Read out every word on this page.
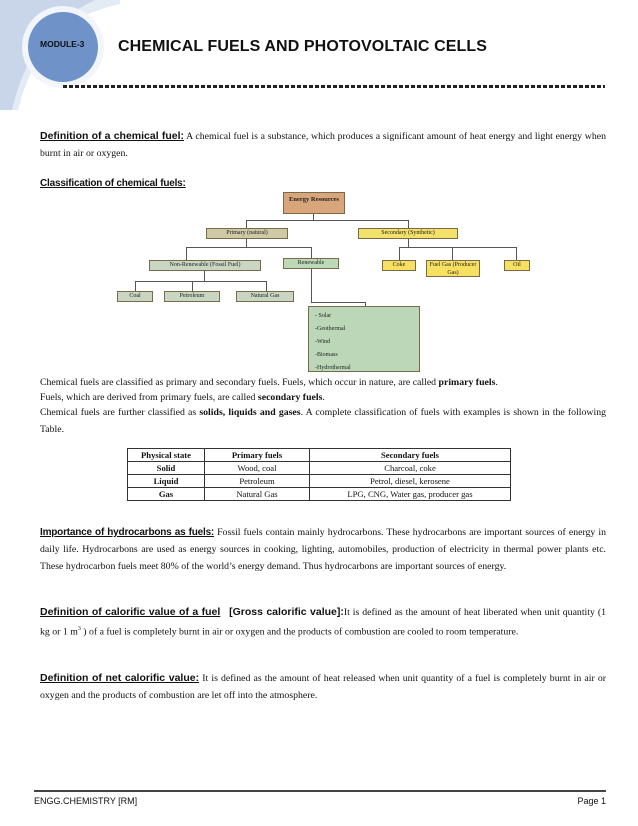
MODULE-3 CHEMICAL FUELS AND PHOTOVOLTAIC CELLS
Definition of a chemical fuel: A chemical fuel is a substance, which produces a significant amount of heat energy and light energy when burnt in air or oxygen.
Classification of chemical fuels:
Energy Resources
Primary (natural)	Secondary (Synthetic)
Non-Renewable (Fossil Fuel)	Renewable	Coke	Fuel Gas (Producer Gas)
Oil
Coal	Petroleum	Natural Gas
- Solar
-Geothermal
-Wind
-Biomass
-Hydrothermal
Chemical fuels are classified as primary and secondary fuels. Fuels, which occur in nature, are called primary fuels.
Fuels, which are derived from primary fuels, are called secondary fuels.
Chemical fuels are further classified as solids, liquids and gases. A complete classification of fuels with examples is shown in the following Table.
Physical state	Primary fuels	Secondary fuels
Solid	Wood, coal	Charcoal, coke
Liquid	Petroleum	Petrol, diesel, kerosene
Gas	Natural Gas	LPG, CNG, Water gas, producer gas
Importance of hydrocarbons as fuels: Fossil fuels contain mainly hydrocarbons. These hydrocarbons are important sources of energy in daily life. Hydrocarbons are used as energy sources in cooking, lighting, automobiles, production of electricity in thermal power plants etc. These hydrocarbon fuels meet 80% of the world’s energy demand. Thus hydrocarbons are important sources of energy.
Definition of calorific value of a fuel [Gross calorific value]:It is defined as the amount of heat liberated when unit quantity (1 kg or 1 $m^3$ ) of a fuel is completely burnt in air or oxygen and the products of combustion are cooled to room temperature.
Definition of net calorific value: It is defined as the amount of heat released when unit quantity of a fuel is completely burnt in air or oxygen and the products of combustion are let off into the atmosphere.
ENGG.CHEMISTRY [RM]	Page 1
